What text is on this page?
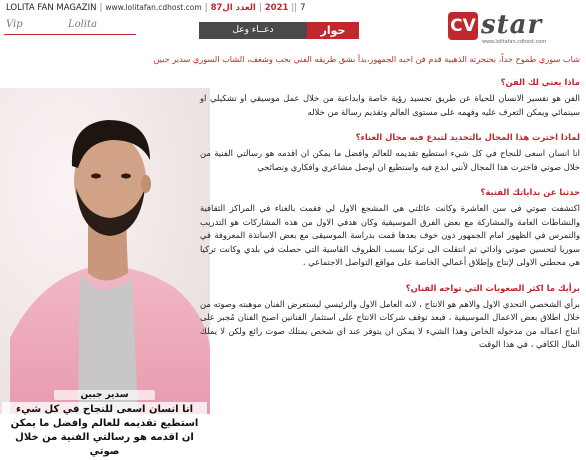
7||2021|العدد ال87|LOLITA FAN MAGAZIN | www.lolitafan.cdhost.com
Vip	Lolita	دعــاء وعل	حوار	CV star
www.lolitafan.cdhost.com
شاب سوري طموح جداً، بحنجرته الذهبية قدم فن احبه الجمهور،بدأ بشق طريقه الفني بحب وشغف، الشاب السوري سدير جبين
سدير جبين
انا انسان اسعى للنجاح في كل شيء استطيع تقديمه للعالم وافضل ما يمكن ان اقدمه هو رسالتي الفنية من خلال صوتي
ماذا يعني لك الفن؟
الفن هو تفسير الانسان للحياة عن طريق تجسيد رؤية خاصة وابداعية من خلال عمل موسيقي او تشكيلي او سينمائي ويمكن التعرف عليه وفهمه على مستوى العالم وتقديم رسالة من خلاله
لماذا اخترت هذا المجال بالتحديد لتبدع فيه مجال الغناء؟
انا انسان اسعى للنجاح في كل شيء استطيع تقديمه للعالم وافضل ما يمكن ان اقدمه هو رسالتي الفنية من خلال صوتي فاخترت هذا المجال لأنني ابدع فيه واستطيع ان اوصل مشاعري وافكاري ونصائحي
حدثنا عن بداياتك الفنية؟
اكتشفت صوتي في سن العاشرة وكانت عائلتي هي المشجع الاول لي فقمت بالغناء في المراكز الثقافية والنشاطات العامة والمشاركة مع بعض الفرق الموسيقية وكان هدفي الاول من هذه المشاركات هو التدريب والتمرس في الظهور امام الجمهور دون خوف بعدها قمت بدراسة الموسيقى مع بعض الاساتذة المعروفة في سوريا لتحسين صوتي وادائي ثم انتقلت الى تركيا بسبب الظروف القاسية التي حصلت في بلدي وكانت تركيا هي محطتي الاولى لإنتاج وإطلاق أعمالي الخاصة على مواقع التواصل الاجتماعي .
برأيك ما اكثر الصعوبات التي تواجه الفنان؟
برأي الشخصي التحدي الاول والاهم هو الانتاج ، لانه العامل الاول والرئيسي ليستعرض الفنان موهبته وصوته من خلال اطلاق بعض الاعمال الموسيقية ، فبعد توقف شركات الانتاج على استثمار الفنانين اصبح الفنان مُجبر على انتاج اعماله من مدخوله الخاص وهذا الشيء لا يمكن ان يتوفر عند اي شخص يمتلك صوت رائع ولكن لا يملك المال الكافي ، في هذا الوقت
